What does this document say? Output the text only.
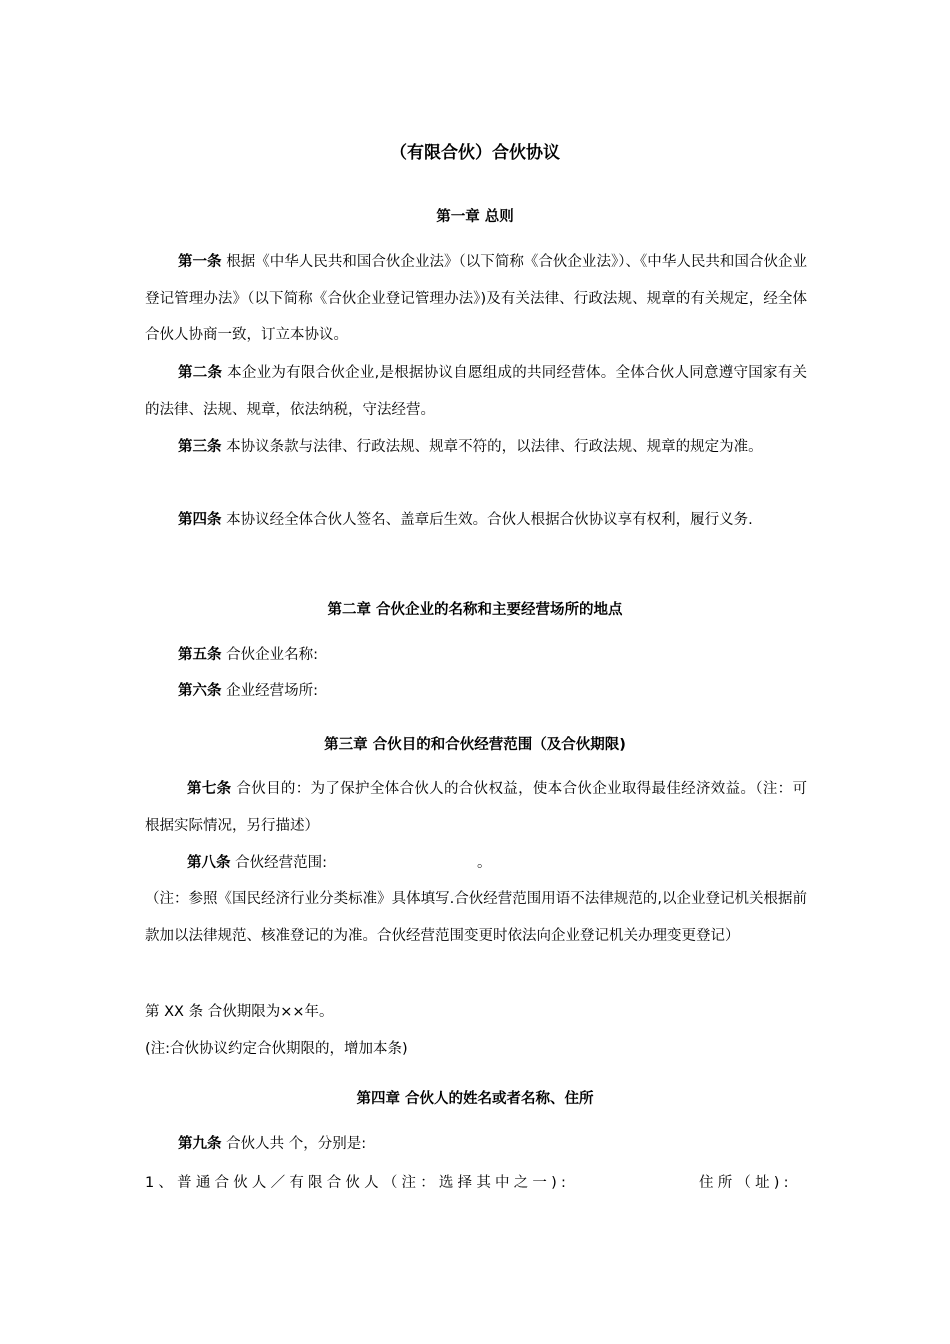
（有限合伙）合伙协议
第一章 总则
第一条 根据《中华人民共和国合伙企业法》（以下简称《合伙企业法》）、《中华人民共和国合伙企业登记管理办法》（以下简称《合伙企业登记管理办法》)及有关法律、行政法规、规章的有关规定，经全体合伙人协商一致，订立本协议。
第二条 本企业为有限合伙企业,是根据协议自愿组成的共同经营体。全体合伙人同意遵守国家有关的法律、法规、规章，依法纳税，守法经营。
第三条 本协议条款与法律、行政法规、规章不符的，以法律、行政法规、规章的规定为准。
第四条 本协议经全体合伙人签名、盖章后生效。合伙人根据合伙协议享有权利，履行义务.
第二章 合伙企业的名称和主要经营场所的地点
第五条 合伙企业名称:
第六条 企业经营场所:
第三章 合伙目的和合伙经营范围（及合伙期限)
第七条 合伙目的：为了保护全体合伙人的合伙权益，使本合伙企业取得最佳经济效益。（注：可根据实际情况，另行描述）
第八条 合伙经营范围:	。
（注：参照《国民经济行业分类标准》具体填写.合伙经营范围用语不法律规范的,以企业登记机关根据前款加以法律规范、核准登记的为准。合伙经营范围变更时依法向企业登记机关办理变更登记）
第 XX 条 合伙期限为××年。
(注:合伙协议约定合伙期限的，增加本条)
第四章 合伙人的姓名或者名称、住所
第九条 合伙人共 个，分别是:
1、普通合伙人／有限合伙人（注：选择其中之一):	住所（址):
